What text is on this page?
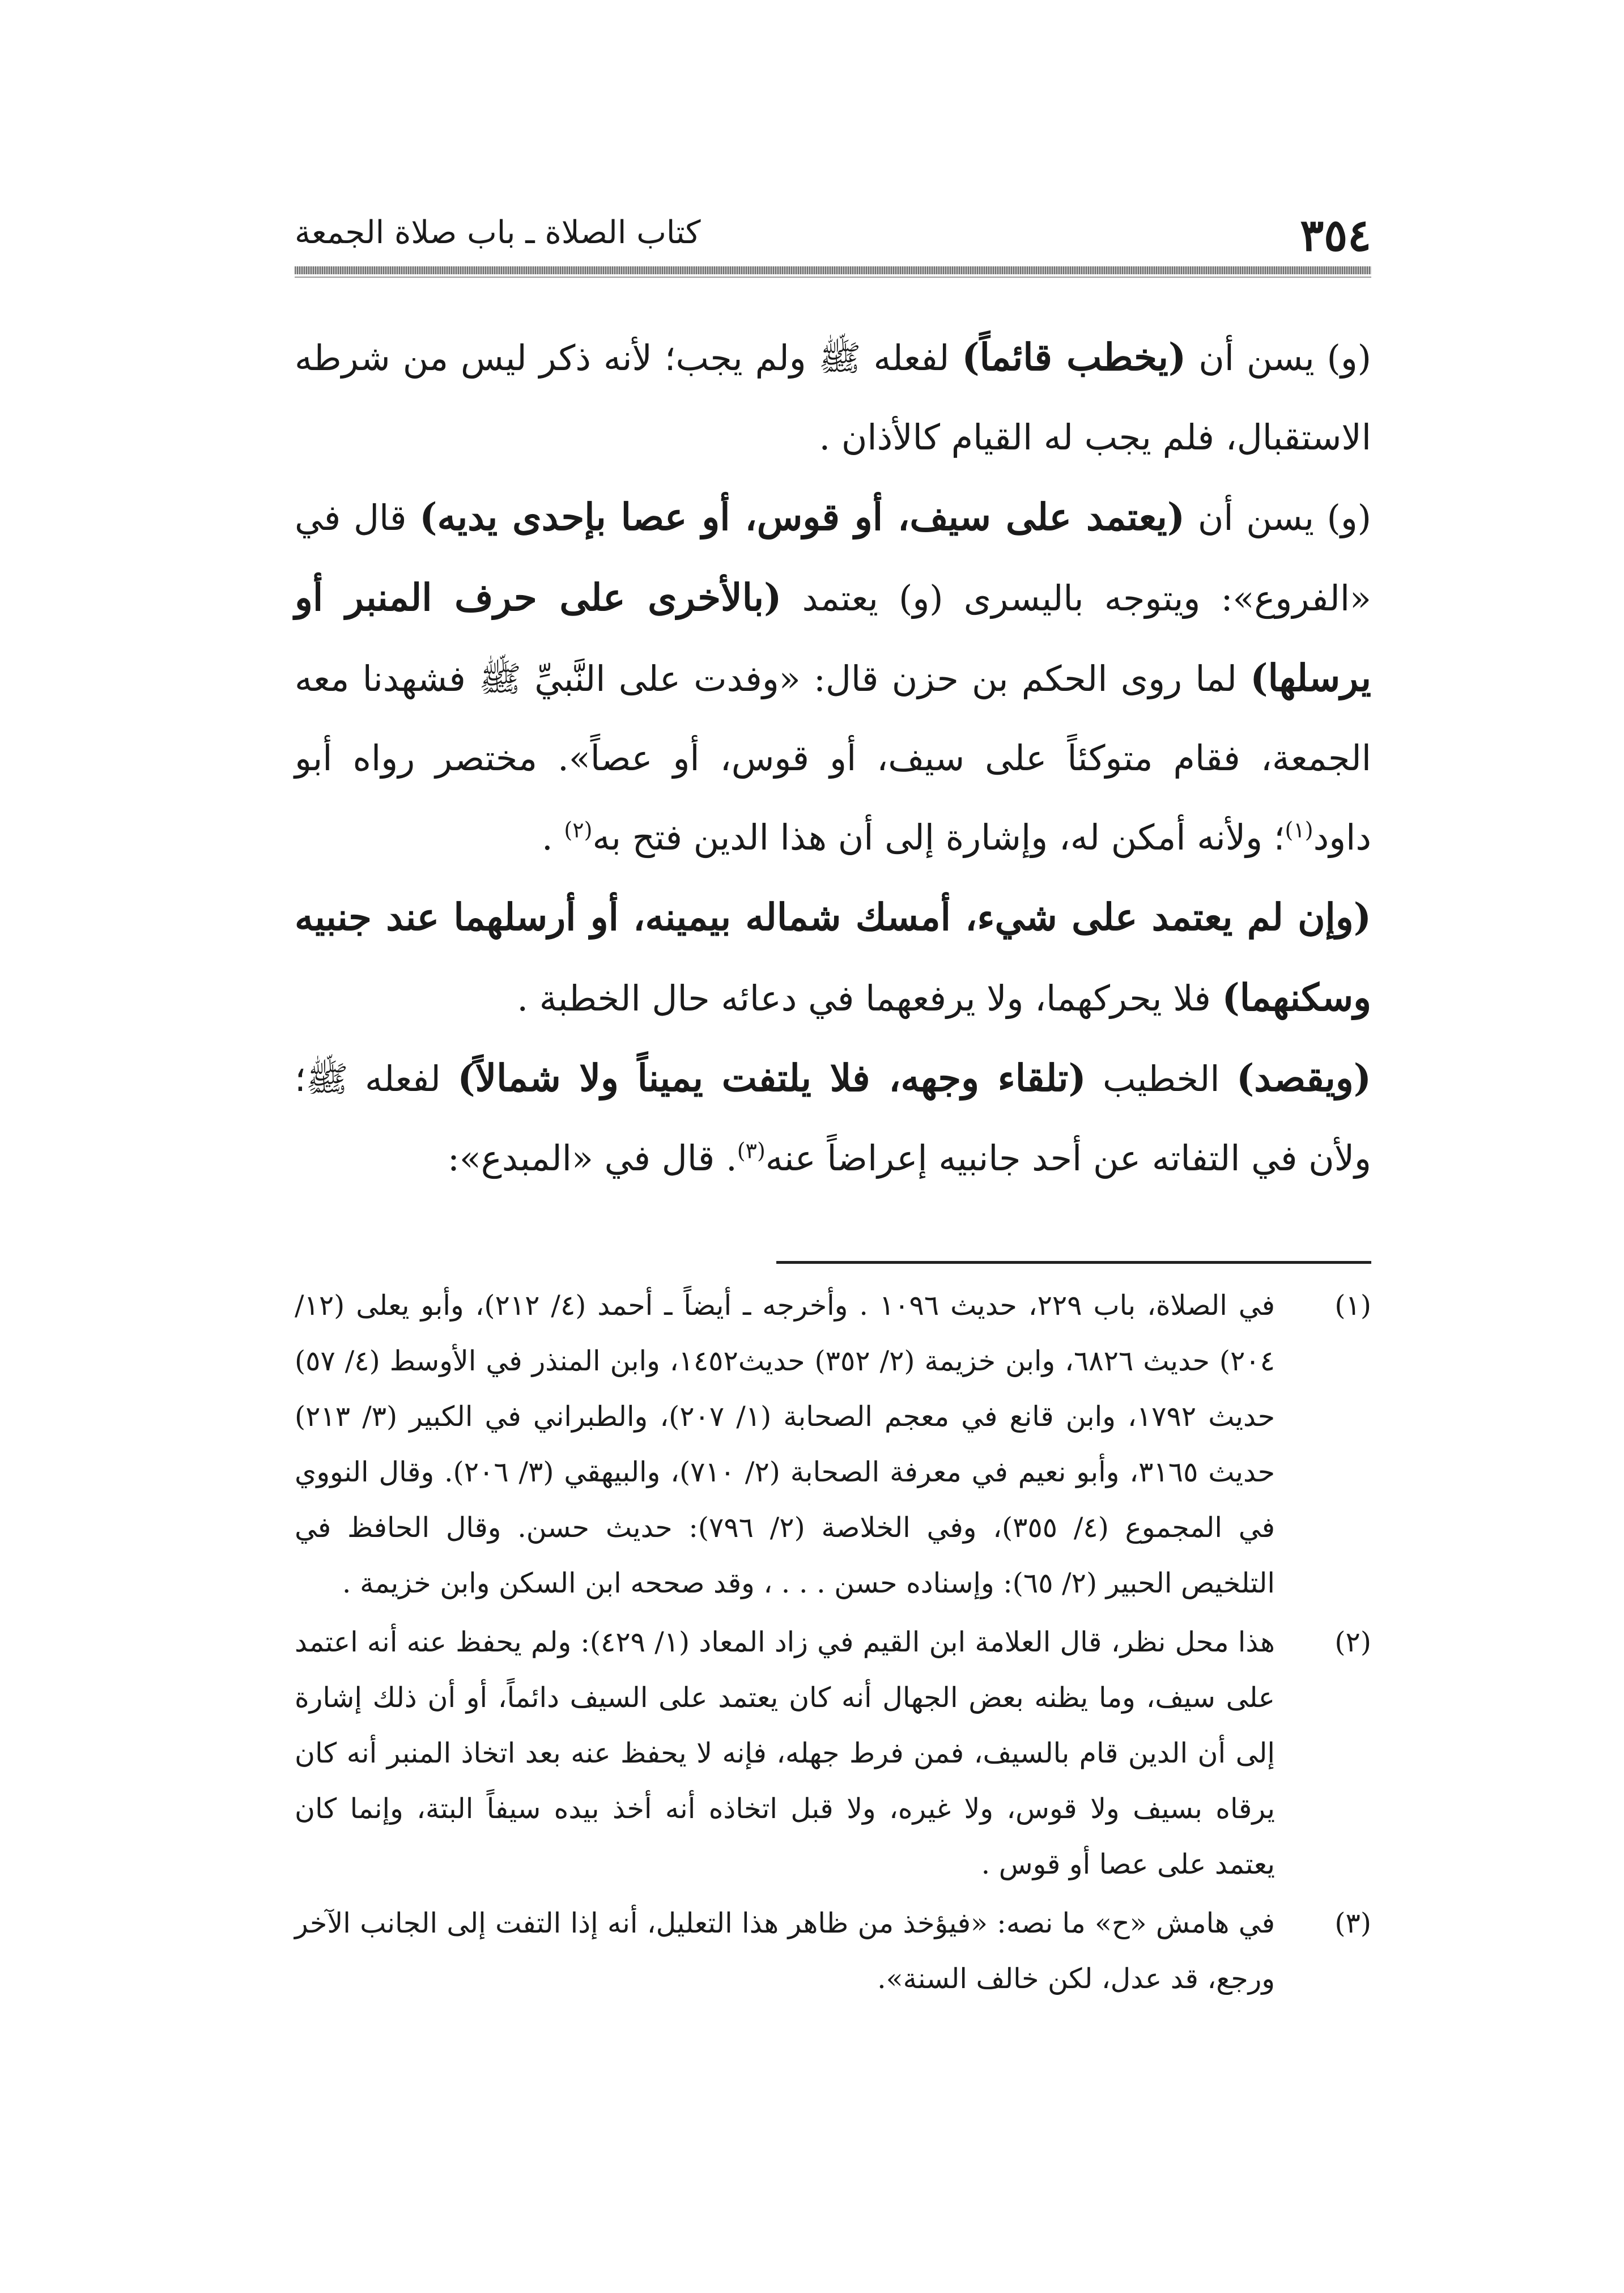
٣٥٤
كتاب الصلاة ـ باب صلاة الجمعة

(و) يسن أن (يخطب قائماً) لفعله ﷺ ولم يجب؛ لأنه ذكر ليس من شرطه الاستقبال، فلم يجب له القيام كالأذان .

(و) يسن أن (يعتمد على سيف، أو قوس، أو عصا بإحدى يديه) قال في «الفروع»: ويتوجه باليسرى (و) يعتمد (بالأخرى على حرف المنبر أو يرسلها) لما روى الحكم بن حزن قال: «وفدت على النَّبيِّ ﷺ فشهدنا معه الجمعة، فقام متوكئاً على سيف، أو قوس، أو عصاً». مختصر رواه أبو داود$^{(١)}$؛ ولأنه أمكن له، وإشارة إلى أن هذا الدين فتح به$^{(٢)}$ .

(وإن لم يعتمد على شيء، أمسك شماله بيمينه، أو أرسلهما عند جنبيه وسكنهما) فلا يحركهما، ولا يرفعهما في دعائه حال الخطبة .

(ويقصد) الخطيب (تلقاء وجهه، فلا يلتفت يميناً ولا شمالاً) لفعله ﷺ؛ ولأن في التفاته عن أحد جانبيه إعراضاً عنه$^{(٣)}$. قال في «المبدع»:

(١)
في الصلاة، باب ٢٢٩، حديث ١٠٩٦ . وأخرجه ـ أيضاً ـ أحمد (٤/ ٢١٢)، وأبو يعلى (١٢/ ٢٠٤) حديث ٦٨٢٦، وابن خزيمة (٢/ ٣٥٢) حديث١٤٥٢، وابن المنذر في الأوسط (٤/ ٥٧) حديث ١٧٩٢، وابن قانع في معجم الصحابة (١/ ٢٠٧)، والطبراني في الكبير (٣/ ٢١٣) حديث ٣١٦٥، وأبو نعيم في معرفة الصحابة (٢/ ٧١٠)، والبيهقي (٣/ ٢٠٦). وقال النووي في المجموع (٤/ ٣٥٥)، وفي الخلاصة (٢/ ٧٩٦): حديث حسن. وقال الحافظ في التلخيص الحبير (٢/ ٦٥): وإسناده حسن . . . ، وقد صححه ابن السكن وابن خزيمة .
(٢)
هذا محل نظر، قال العلامة ابن القيم في زاد المعاد (١/ ٤٢٩): ولم يحفظ عنه أنه اعتمد على سيف، وما يظنه بعض الجهال أنه كان يعتمد على السيف دائماً، أو أن ذلك إشارة إلى أن الدين قام بالسيف، فمن فرط جهله، فإنه لا يحفظ عنه بعد اتخاذ المنبر أنه كان يرقاه بسيف ولا قوس، ولا غيره، ولا قبل اتخاذه أنه أخذ بيده سيفاً البتة، وإنما كان يعتمد على عصا أو قوس .
(٣)
في هامش «ح» ما نصه: «فيؤخذ من ظاهر هذا التعليل، أنه إذا التفت إلى الجانب الآخر ورجع، قد عدل، لكن خالف السنة».
